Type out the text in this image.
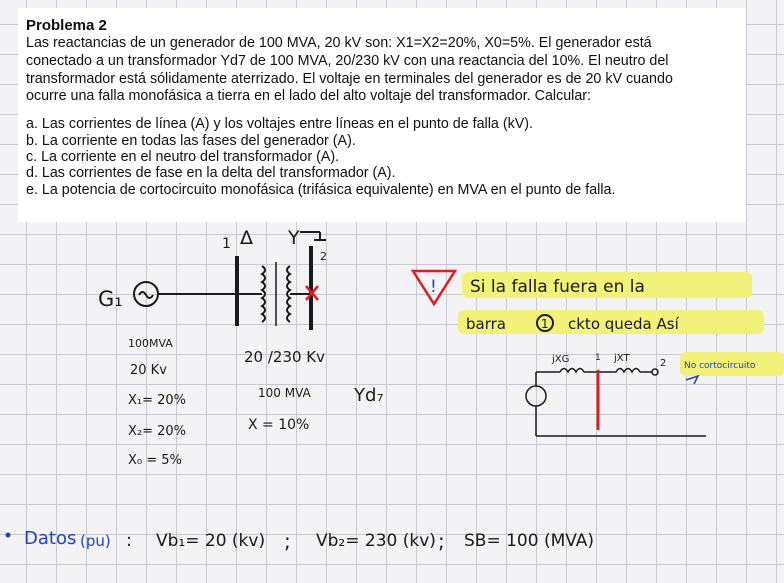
Problema 2

Las reactancias de un generador de 100 MVA, 20 kV son: X1=X2=20%, X0=5%. El generador está

conectado a un transformador Yd7 de 100 MVA, 20/230 kV con una reactancia del 10%. El neutro del

transformador está sólidamente aterrizado. El voltaje en terminales del generador es de 20 kV cuando

ocurre una falla monofásica a tierra en el lado del alto voltaje del transformador. Calcular:

a. Las corrientes de línea (A) y los voltajes entre líneas en el punto de falla (kV).
b. La corriente en todas las fases del generador (A).
c. La corriente en el neutro del transformador (A).
d. Las corrientes de fase en la delta del transformador (A).
e. La potencia de cortocircuito monofásica (trifásica equivalente) en MVA en el punto de falla.
1 Δ Y
2
G₁
100MVA
20 Kv
X₁= 20%
X₂= 20%
X₀ = 5%
20 /230 Kv
100 MVA
X = 10%
Yd₇
! Si la falla fuera en la
barra	1 ckto queda Así
jXG	1 jXT	2 No cortocircuito
Datos (pu) : Vb₁= 20 (kv) ; Vb₂= 230 (kv) ; SB= 100 (MVA)
